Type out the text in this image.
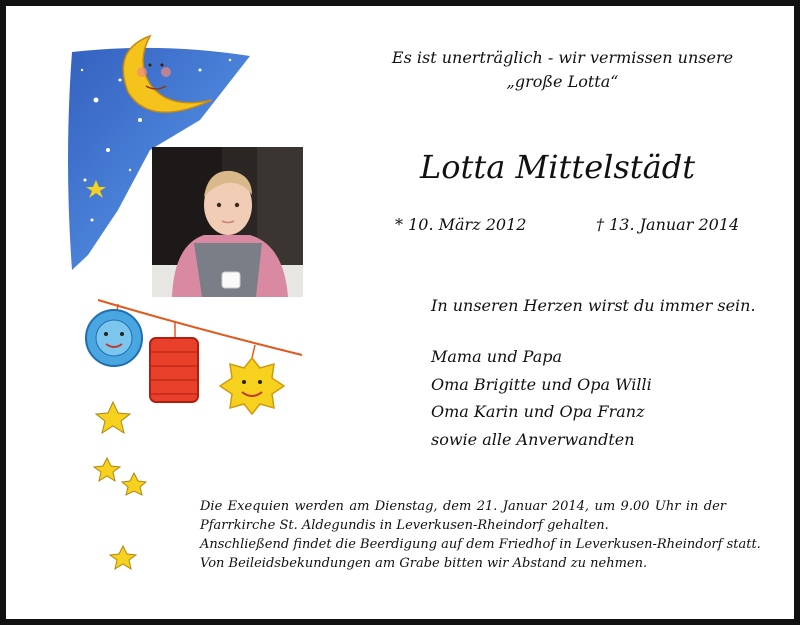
Es ist unerträglich - wir vermissen unsere
„große Lotta“
Lotta Mittelstädt
* 10. März 2012	† 13. Januar 2014
In unseren Herzen wirst du immer sein.
Mama und Papa
Oma Brigitte und Opa Willi
Oma Karin und Opa Franz
sowie alle Anverwandten
Die Exequien werden am Dienstag, dem 21. Januar 2014, um 9.00 Uhr in der
Pfarrkirche St. Aldegundis in Leverkusen-Rheindorf gehalten.
Anschließend findet die Beerdigung auf dem Friedhof in Leverkusen-Rheindorf statt.
Von Beileidsbekundungen am Grabe bitten wir Abstand zu nehmen.
